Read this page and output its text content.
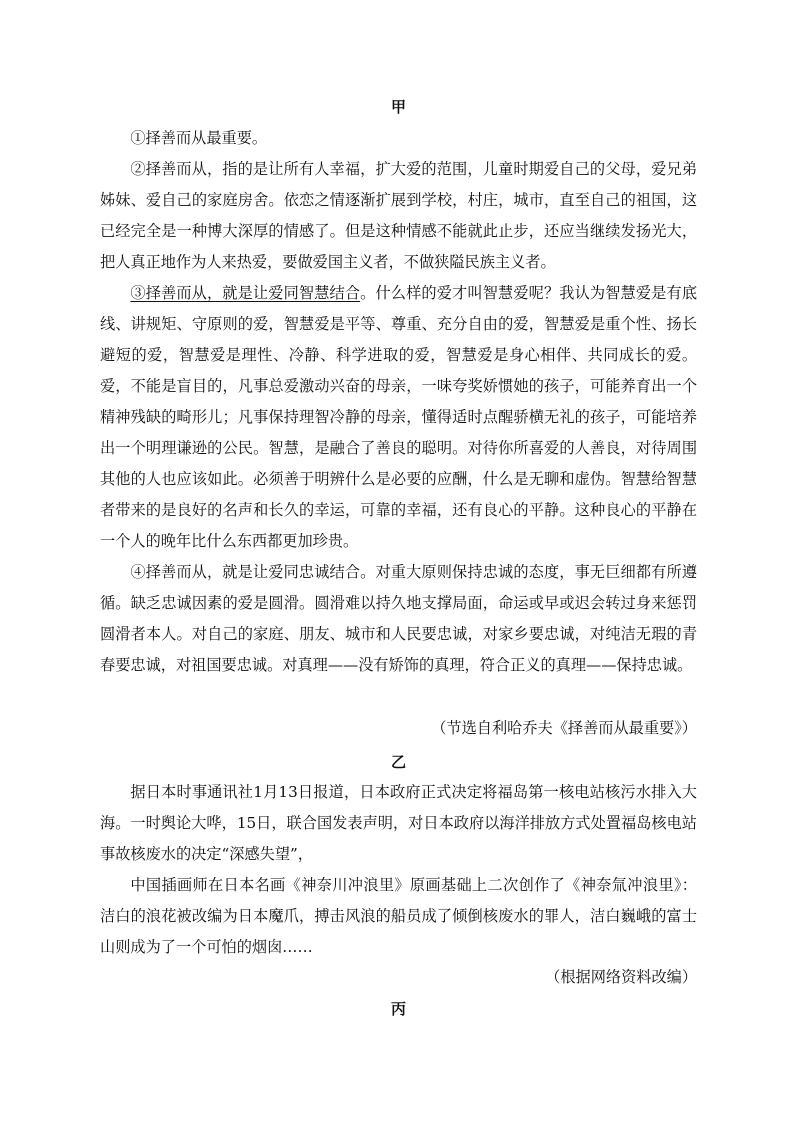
甲

①择善而从最重要。

②择善而从，指的是让所有人幸福，扩大爱的范围，儿童时期爱自己的父母，爱兄弟姊妹、爱自己的家庭房舍。依恋之情逐渐扩展到学校，村庄，城市，直至自己的祖国，这已经完全是一种博大深厚的情感了。但是这种情感不能就此止步，还应当继续发扬光大，把人真正地作为人来热爱，要做爱国主义者，不做狭隘民族主义者。

③择善而从，就是让爱同智慧结合。什么样的爱才叫智慧爱呢？我认为智慧爱是有底线、讲规矩、守原则的爱，智慧爱是平等、尊重、充分自由的爱，智慧爱是重个性、扬长避短的爱，智慧爱是理性、冷静、科学进取的爱，智慧爱是身心相伴、共同成长的爱。爱，不能是盲目的，凡事总爱激动兴奋的母亲，一味夸奖娇惯她的孩子，可能养育出一个精神残缺的畸形儿；凡事保持理智冷静的母亲，懂得适时点醒骄横无礼的孩子，可能培养出一个明理谦逊的公民。智慧，是融合了善良的聪明。对待你所喜爱的人善良，对待周围其他的人也应该如此。必须善于明辨什么是必要的应酬，什么是无聊和虚伪。智慧给智慧者带来的是良好的名声和长久的幸运，可靠的幸福，还有良心的平静。这种良心的平静在一个人的晚年比什么东西都更加珍贵。

④择善而从，就是让爱同忠诚结合。对重大原则保持忠诚的态度，事无巨细都有所遵循。缺乏忠诚因素的爱是圆滑。圆滑难以持久地支撑局面，命运或早或迟会转过身来惩罚圆滑者本人。对自己的家庭、朋友、城市和人民要忠诚，对家乡要忠诚，对纯洁无瑕的青春要忠诚，对祖国要忠诚。对真理——没有矫饰的真理，符合正义的真理——保持忠诚。

（节选自利哈乔夫《择善而从最重要》）
乙

据日本时事通讯社1月13日报道，日本政府正式决定将福岛第一核电站核污水排入大海。一时舆论大哗，15日，联合国发表声明，对日本政府以海洋排放方式处置福岛核电站事故核废水的决定“深感失望”，

中国插画师在日本名画《神奈川冲浪里》原画基础上二次创作了《神奈氚冲浪里》：洁白的浪花被改编为日本魔爪，搏击风浪的船员成了倾倒核废水的罪人，洁白巍峨的富士山则成为了一个可怕的烟囱……

（根据网络资料改编）
丙
